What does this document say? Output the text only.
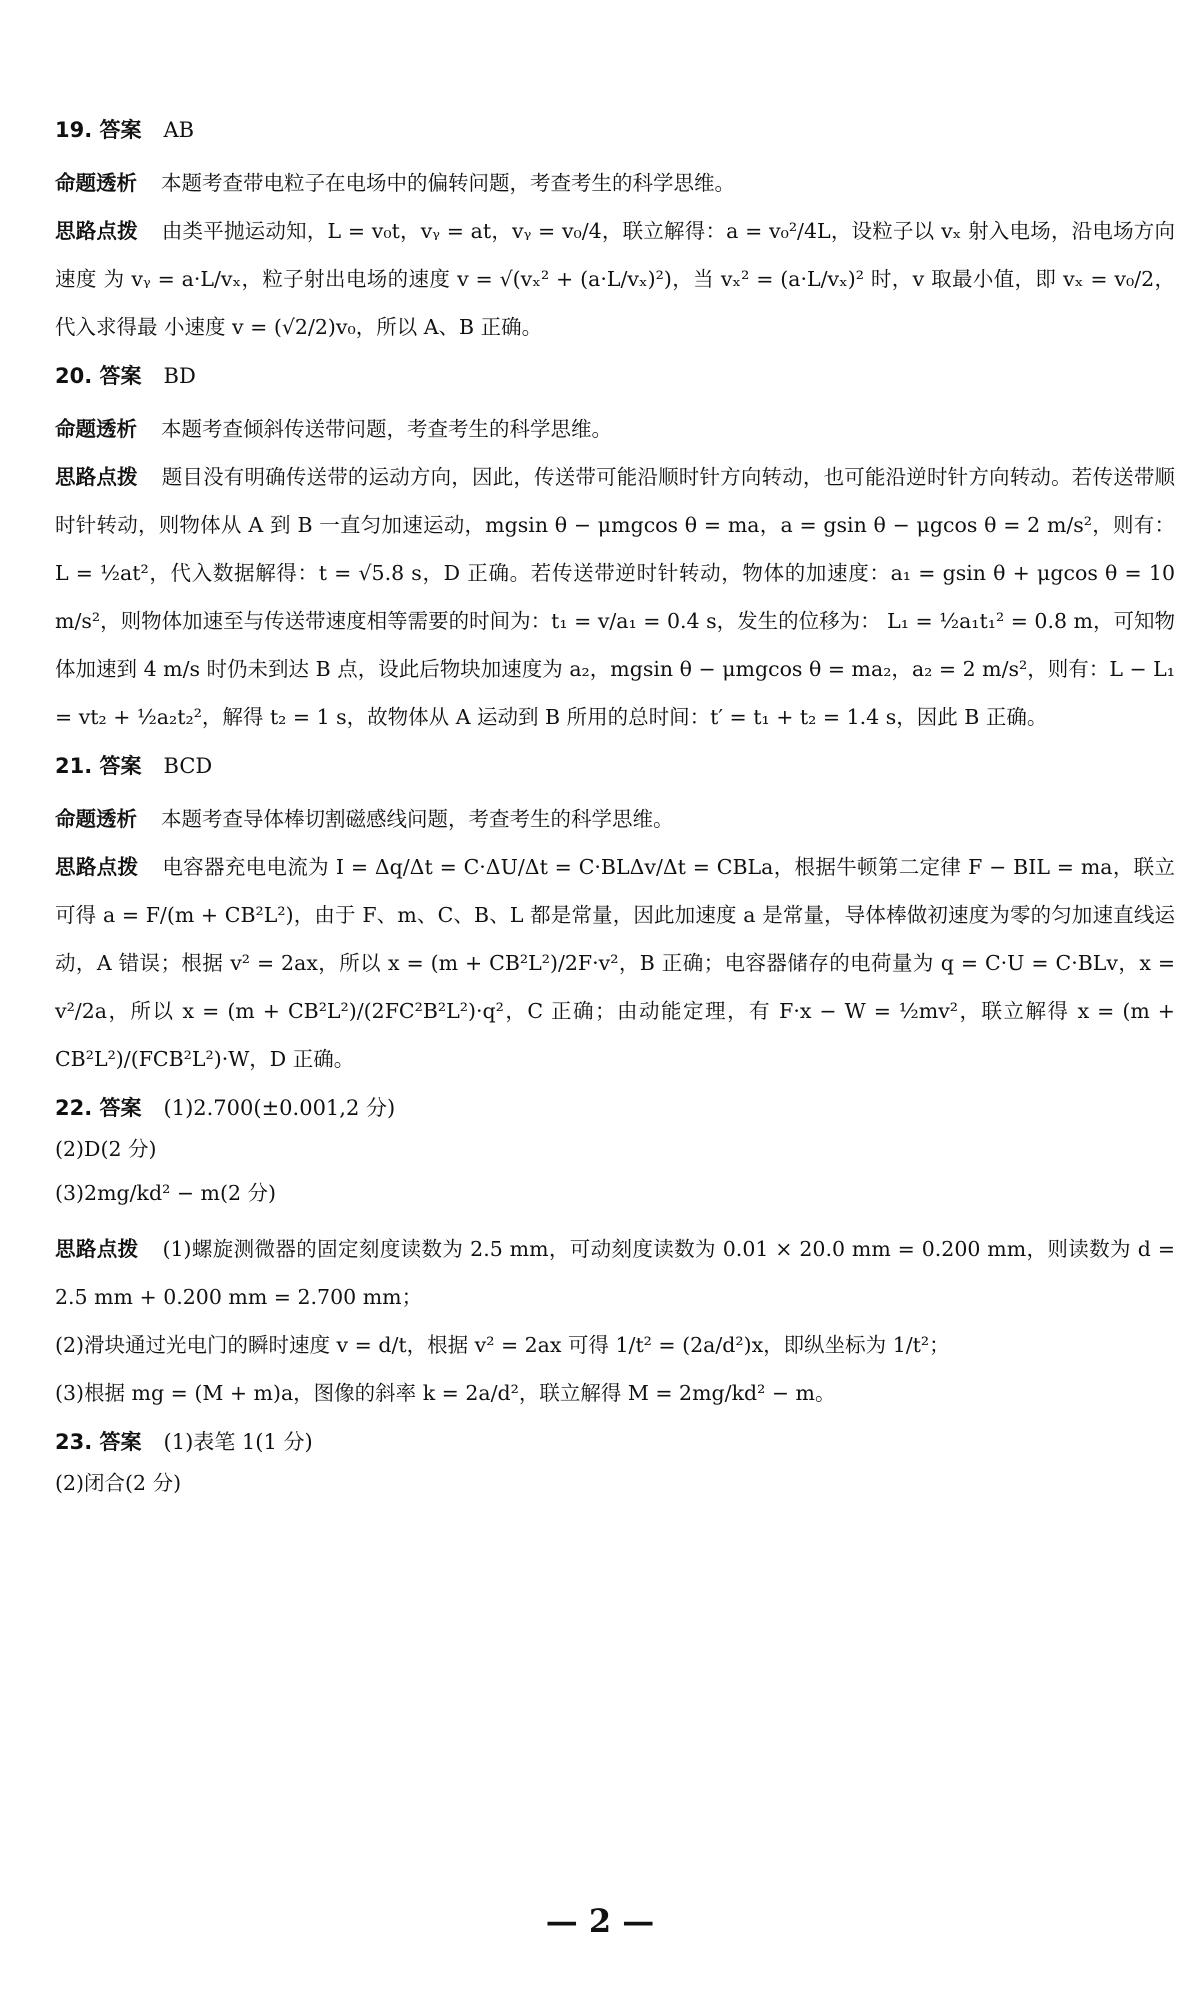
19. 答案 AB
命题透析 本题考查带电粒子在电场中的偏转问题，考查考生的科学思维。
思路点拨 由类平抛运动知，L = v₀t，vᵧ = at，vᵧ = v₀/4，联立解得：a = v₀²/4L，设粒子以 vₓ 射入电场，沿电场方向速度 为 vᵧ = a·L/vₓ，粒子射出电场的速度 v = √(vₓ² + (a·L/vₓ)²)，当 vₓ² = (a·L/vₓ)² 时，v 取最小值，即 vₓ = v₀/2，代入求得最 小速度 v = (√2/2)v₀，所以 A、B 正确。
20. 答案 BD
命题透析 本题考查倾斜传送带问题，考查考生的科学思维。
思路点拨 题目没有明确传送带的运动方向，因此，传送带可能沿顺时针方向转动，也可能沿逆时针方向转动。若传送带顺时针转动，则物体从 A 到 B 一直匀加速运动，mgsin θ − μmgcos θ = ma，a = gsin θ − μgcos θ = 2 m/s²，则有：L = ½at²，代入数据解得：t = √5.8 s，D 正确。若传送带逆时针转动，物体的加速度：a₁ = gsin θ + μgcos θ = 10 m/s²，则物体加速至与传送带速度相等需要的时间为：t₁ = v/a₁ = 0.4 s，发生的位移为： L₁ = ½a₁t₁² = 0.8 m，可知物体加速到 4 m/s 时仍未到达 B 点，设此后物块加速度为 a₂，mgsin θ − μmgcos θ = ma₂，a₂ = 2 m/s²，则有：L − L₁ = vt₂ + ½a₂t₂²，解得 t₂ = 1 s，故物体从 A 运动到 B 所用的总时间：t′ = t₁ + t₂ = 1.4 s，因此 B 正确。
21. 答案 BCD
命题透析 本题考查导体棒切割磁感线问题，考查考生的科学思维。
思路点拨 电容器充电电流为 I = Δq/Δt = C·ΔU/Δt = C·BLΔv/Δt = CBLa，根据牛顿第二定律 F − BIL = ma，联立可得 a = F/(m + CB²L²)，由于 F、m、C、B、L 都是常量，因此加速度 a 是常量，导体棒做初速度为零的匀加速直线运动，A 错误；根据 v² = 2ax，所以 x = (m + CB²L²)/2F·v²，B 正确；电容器储存的电荷量为 q = C·U = C·BLv，x = v²/2a，所以 x = (m + CB²L²)/(2FC²B²L²)·q²，C 正确；由动能定理，有 F·x − W = ½mv²，联立解得 x = (m + CB²L²)/(FCB²L²)·W，D 正确。
22. 答案 (1)2.700(±0.001,2 分)
(2)D(2 分)
(3)2mg/kd² − m(2 分)
思路点拨 (1)螺旋测微器的固定刻度读数为 2.5 mm，可动刻度读数为 0.01 × 20.0 mm = 0.200 mm，则读数为 d = 2.5 mm + 0.200 mm = 2.700 mm；
(2)滑块通过光电门的瞬时速度 v = d/t，根据 v² = 2ax 可得 1/t² = (2a/d²)x，即纵坐标为 1/t²；
(3)根据 mg = (M + m)a，图像的斜率 k = 2a/d²，联立解得 M = 2mg/kd² − m。
23. 答案 (1)表笔 1(1 分)
(2)闭合(2 分)
— 2 —
